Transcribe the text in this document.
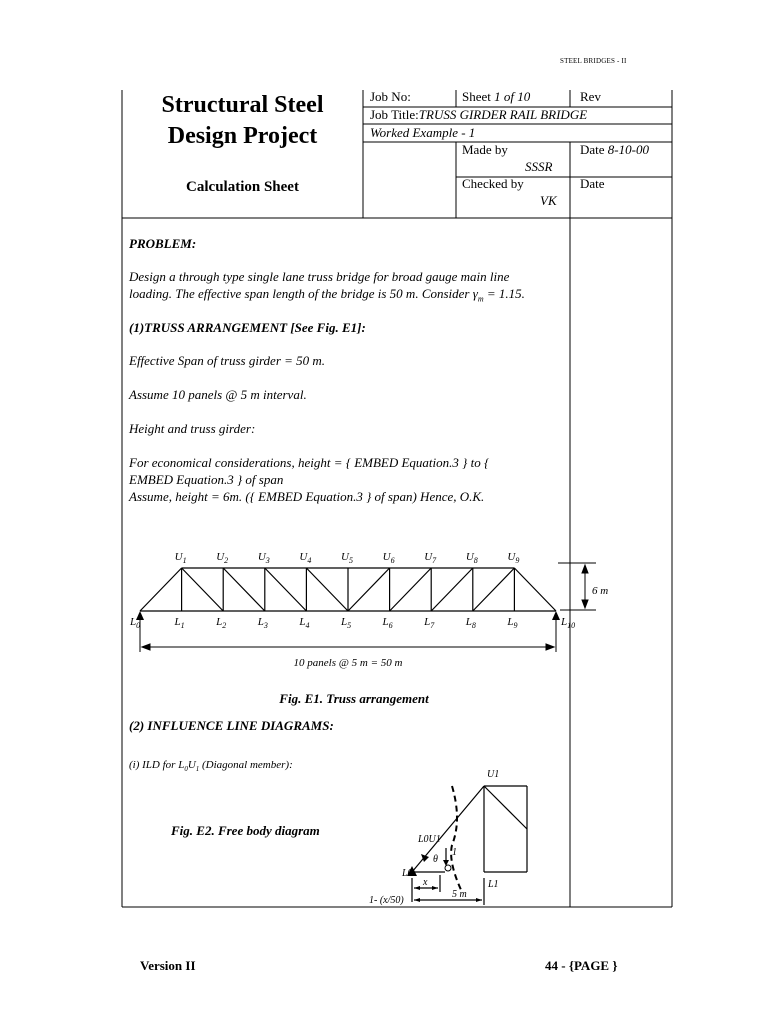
STEEL BRIDGES - II
Structural Steel
Design Project
Calculation Sheet
Job No:	Sheet 1 of 10	Rev
Job Title:TRUSS GIRDER RAIL BRIDGE
Worked Example - 1
Made by
SSSR
Date 8-10-00
Checked by
VK
Date
PROBLEM:
Design a through type single lane truss bridge for broad gauge main line
loading. The effective span length of the bridge is 50 m. Consider $\gamma_m = 1.15$.
(1)TRUSS ARRANGEMENT [See Fig. E1]:
Effective Span of truss girder = 50 m.
Assume 10 panels @ 5 m interval.
Height and truss girder:
For economical considerations, height = { EMBED Equation.3 } to {
EMBED Equation.3 } of span
Assume, height = 6m. ({ EMBED Equation.3 } of span) Hence, O.K.
$U_1$	$U_2$	$U_3$	$U_4$	$U_5$	$U_6$	$U_7$	$U_8$	$U_9$
$L_0$	$L_1$	$L_2$	$L_3$	$L_4$	$L_5$	$L_6$	$L_7$	$L_8$	$L_9$	$L_{10}$
6 m
10 panels @ 5 m = 50 m
Fig. E1. Truss arrangement
(2) INFLUENCE LINE DIAGRAMS:
(i) ILD for $L_0U_1$ (Diagonal member):
Fig. E2. Free body diagram
U1
L0U1
θ
1
L0
L1
x
5 m
1- (x/50)
Version II	44 - {PAGE }
